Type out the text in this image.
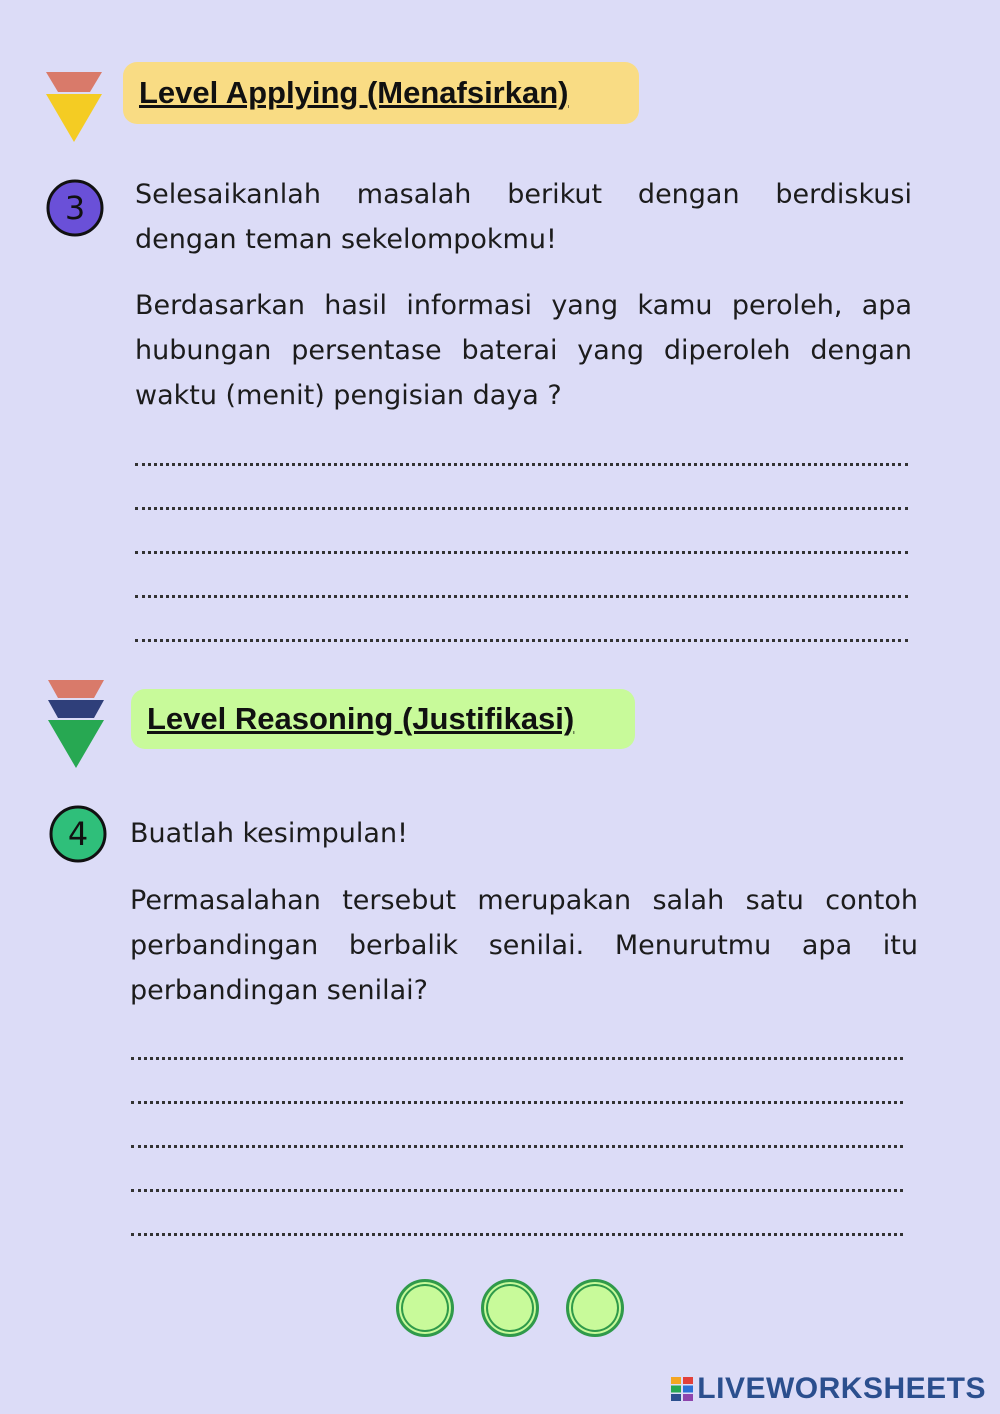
Level Applying (Menafsirkan)
3 Selesaikanlah masalah berikut dengan berdiskusi dengan teman sekelompokmu!
Berdasarkan hasil informasi yang kamu peroleh, apa hubungan persentase baterai yang diperoleh dengan waktu (menit) pengisian daya ?
Level Reasoning (Justifikasi)
4 Buatlah kesimpulan!
Permasalahan tersebut merupakan salah satu contoh perbandingan berbalik senilai. Menurutmu apa itu perbandingan senilai?
LIVEWORKSHEETS
